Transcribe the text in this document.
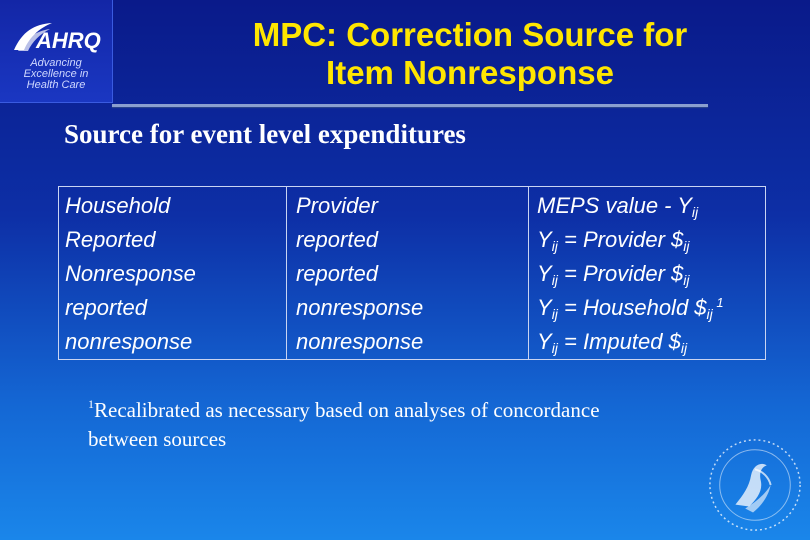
AHRQ
Advancing
Excellence in
Health Care
MPC: Correction Source for
Item Nonresponse
Source for event level expenditures
Household
Reported
Nonresponse
reported
nonresponse
Provider
reported
reported
nonresponse
nonresponse
MEPS value - $Y_{ij}$
$Y_{ij}$ = Provider $\$_{ij}$
$Y_{ij}$ = Provider $\$_{ij}$
$Y_{ij}$ = Household $\$_{ij}$ $^1$
$Y_{ij}$ = Imputed $\$_{ij}$
$^1$Recalibrated as necessary based on analyses of concordance
between sources
